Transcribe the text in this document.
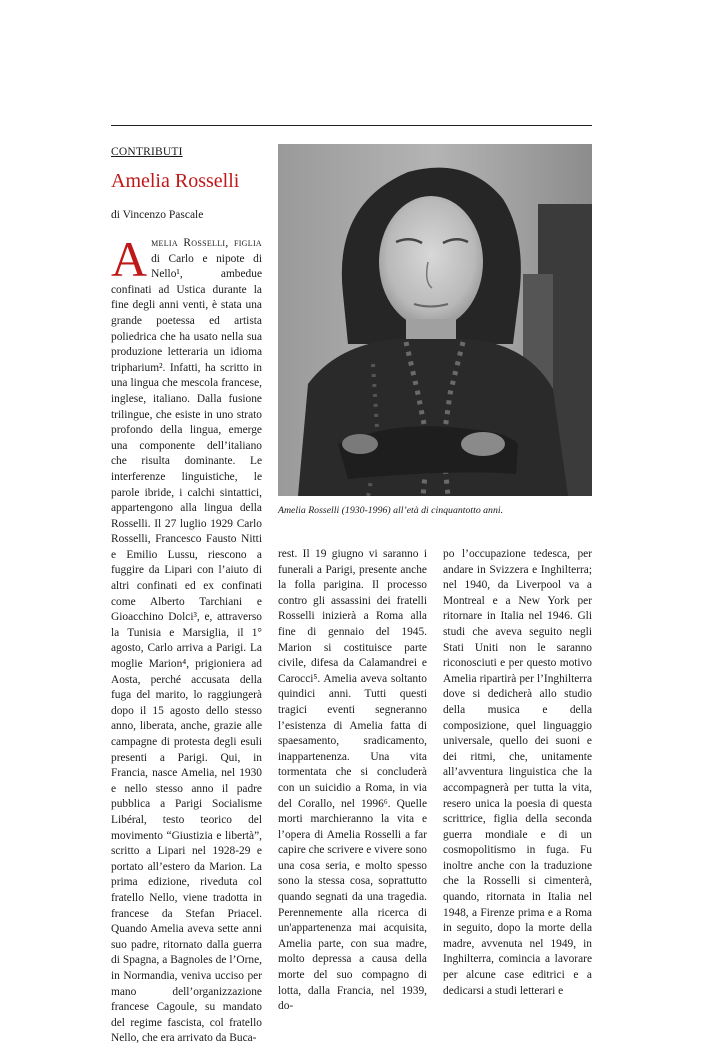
CONTRIBUTI
Amelia Rosselli
di Vincenzo Pascale
A melia Rosselli, figlia di Carlo e nipote di Nello¹, ambedue confinati ad Ustica durante la fine degli anni venti, è stata una grande poetessa ed artista poliedrica che ha usato nella sua produzione letteraria un idioma tripharium². Infatti, ha scritto in una lingua che mescola francese, inglese, italiano. Dalla fusione trilingue, che esiste in uno strato profondo della lingua, emerge una componente dell’italiano che risulta dominante. Le interferenze linguistiche, le parole ibride, i calchi sintattici, appartengono alla lingua della Rosselli. Il 27 luglio 1929 Carlo Rosselli, Francesco Fausto Nitti e Emilio Lussu, riescono a fuggire da Lipari con l’aiuto di altri confinati ed ex confinati come Alberto Tarchiani e Gioacchino Dolci³, e, attraverso la Tunisia e Marsiglia, il 1° agosto, Carlo arriva a Parigi. La moglie Marion⁴, prigioniera ad Aosta, perché accusata della fuga del marito, lo raggiungerà dopo il 15 agosto dello stesso anno, liberata, anche, grazie alle campagne di protesta degli esuli presenti a Parigi. Qui, in Francia, nasce Amelia, nel 1930 e nello stesso anno il padre pubblica a Parigi Socialisme Libéral, testo teorico del movimento “Giustizia e libertà”, scritto a Lipari nel 1928-29 e portato all’estero da Marion. La prima edizione, riveduta col fratello Nello, viene tradotta in francese da Stefan Priacel. Quando Amelia aveva sette anni suo padre, ritornato dalla guerra di Spagna, a Bagnoles de l’Orne, in Normandia, veniva ucciso per mano dell’organizzazione francese Cagoule, su mandato del regime fascista, col fratello Nello, che era arrivato da Buca-
Amelia Rosselli (1930-1996) all’età di cinquantotto anni.

rest. Il 19 giugno vi saranno i funerali a Parigi, presente anche la folla parigina. Il processo contro gli assassini dei fratelli Rosselli inizierà a Roma alla fine di gennaio del 1945. Marion si costituisce parte civile, difesa da Calamandrei e Carocci⁵. Amelia aveva soltanto quindici anni. Tutti questi tragici eventi segneranno l’esistenza di Amelia fatta di spaesamento, sradicamento, inappartenenza. Una vita tormentata che si concluderà con un suicidio a Roma, in via del Corallo, nel 1996⁶. Quelle morti marchieranno la vita e l’opera di Amelia Rosselli a far capire che scrivere e vivere sono una cosa seria, e molto spesso sono la stessa cosa, soprattutto quando segnati da una tragedia. Perennemente alla ricerca di un'appartenenza mai acquisita, Amelia parte, con sua madre, molto depressa a causa della morte del suo compagno di lotta, dalla Francia, nel 1939, do-

po l’occupazione tedesca, per andare in Svizzera e Inghilterra; nel 1940, da Liverpool va a Montreal e a New York per ritornare in Italia nel 1946. Gli studi che aveva seguito negli Stati Uniti non le saranno riconosciuti e per questo motivo Amelia ripartirà per l’Inghilterra dove si dedicherà allo studio della musica e della composizione, quel linguaggio universale, quello dei suoni e dei ritmi, che, unitamente all’avventura linguistica che la accompagnerà per tutta la vita, resero unica la poesia di questa scrittrice, figlia della seconda guerra mondiale e di un cosmopolitismo in fuga. Fu inoltre anche con la traduzione che la Rosselli si cimenterà, quando, ritornata in Italia nel 1948, a Firenze prima e a Roma in seguito, dopo la morte della madre, avvenuta nel 1949, in Inghilterra, comincia a lavorare per alcune case editrici e a dedicarsi a studi letterari e
